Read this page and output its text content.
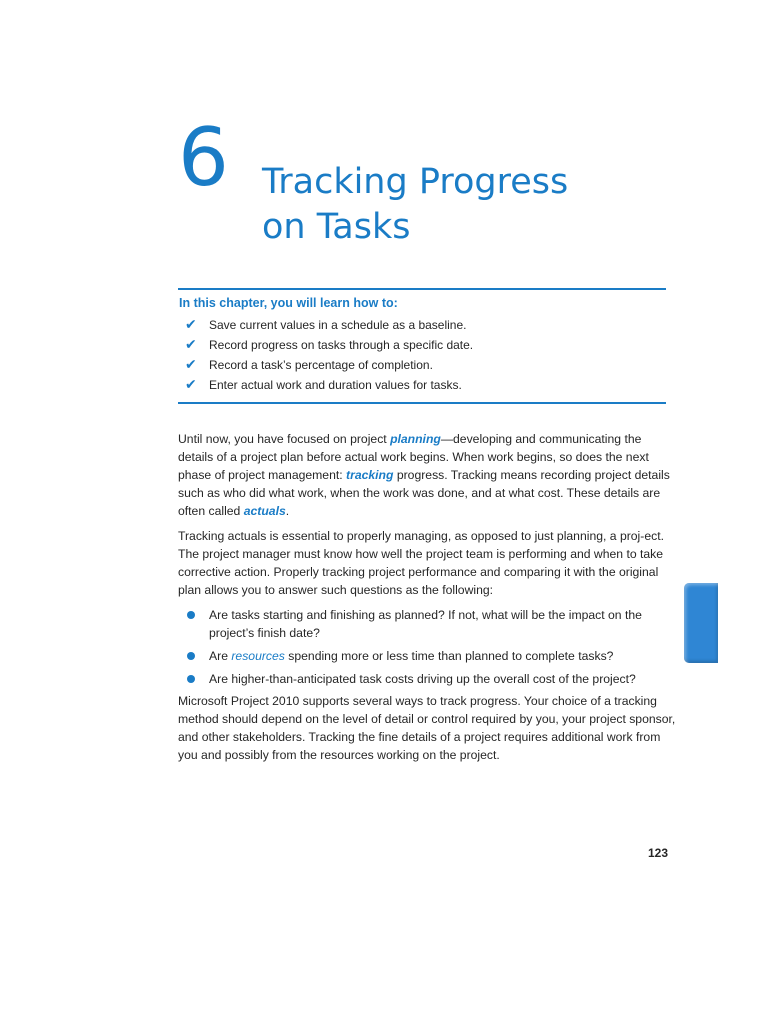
6 Tracking Progress
on Tasks
In this chapter, you will learn how to:
✔	Save current values in a schedule as a baseline.
✔	Record progress on tasks through a specific date.
✔	Record a task’s percentage of completion.
✔	Enter actual work and duration values for tasks.

Until now, you have focused on project planning—developing and communicating the details of a project plan before actual work begins. When work begins, so does the next phase of project management: tracking progress. Tracking means recording project details such as who did what work, when the work was done, and at what cost. These details are often called actuals.

Tracking actuals is essential to properly managing, as opposed to just planning, a proj-ect. The project manager must know how well the project team is performing and when to take corrective action. Properly tracking project performance and comparing it with the original plan allows you to answer such questions as the following:

Are tasks starting and finishing as planned? If not, what will be the impact on the project’s finish date?
Are resources spending more or less time than planned to complete tasks?
Are higher-than-anticipated task costs driving up the overall cost of the project?

Microsoft Project 2010 supports several ways to track progress. Your choice of a tracking method should depend on the level of detail or control required by you, your project sponsor, and other stakeholders. Tracking the fine details of a project requires additional work from you and possibly from the resources working on the project.

123
